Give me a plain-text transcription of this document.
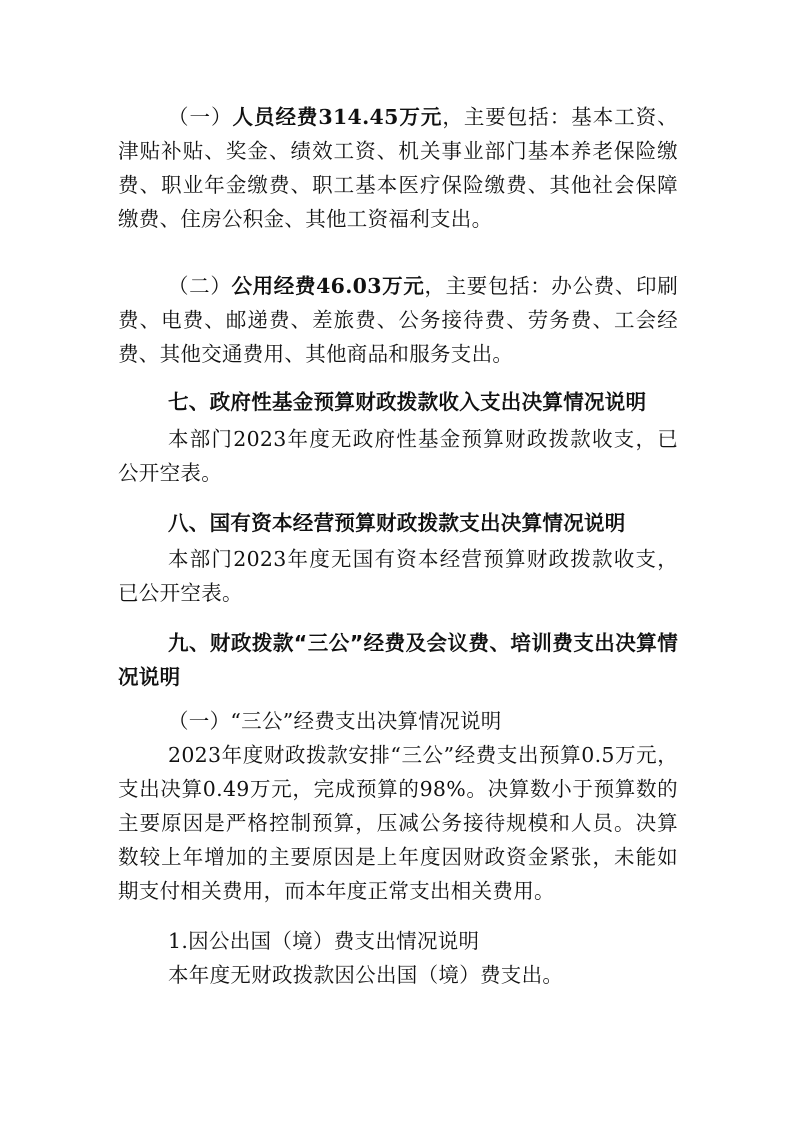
（一）人员经费314.45万元，主要包括：基本工资、津贴补贴、奖金、绩效工资、机关事业部门基本养老保险缴费、职业年金缴费、职工基本医疗保险缴费、其他社会保障缴费、住房公积金、其他工资福利支出。
（二）公用经费46.03万元，主要包括：办公费、印刷费、电费、邮递费、差旅费、公务接待费、劳务费、工会经费、其他交通费用、其他商品和服务支出。
七、政府性基金预算财政拨款收入支出决算情况说明
本部门2023年度无政府性基金预算财政拨款收支，已公开空表。
八、国有资本经营预算财政拨款支出决算情况说明
本部门2023年度无国有资本经营预算财政拨款收支，已公开空表。
九、财政拨款“三公”经费及会议费、培训费支出决算情况说明
（一）“三公”经费支出决算情况说明
2023年度财政拨款安排“三公”经费支出预算0.5万元，支出决算0.49万元，完成预算的98%。决算数小于预算数的主要原因是严格控制预算，压减公务接待规模和人员。决算数较上年增加的主要原因是上年度因财政资金紧张，未能如期支付相关费用，而本年度正常支出相关费用。
1.因公出国（境）费支出情况说明
本年度无财政拨款因公出国（境）费支出。
